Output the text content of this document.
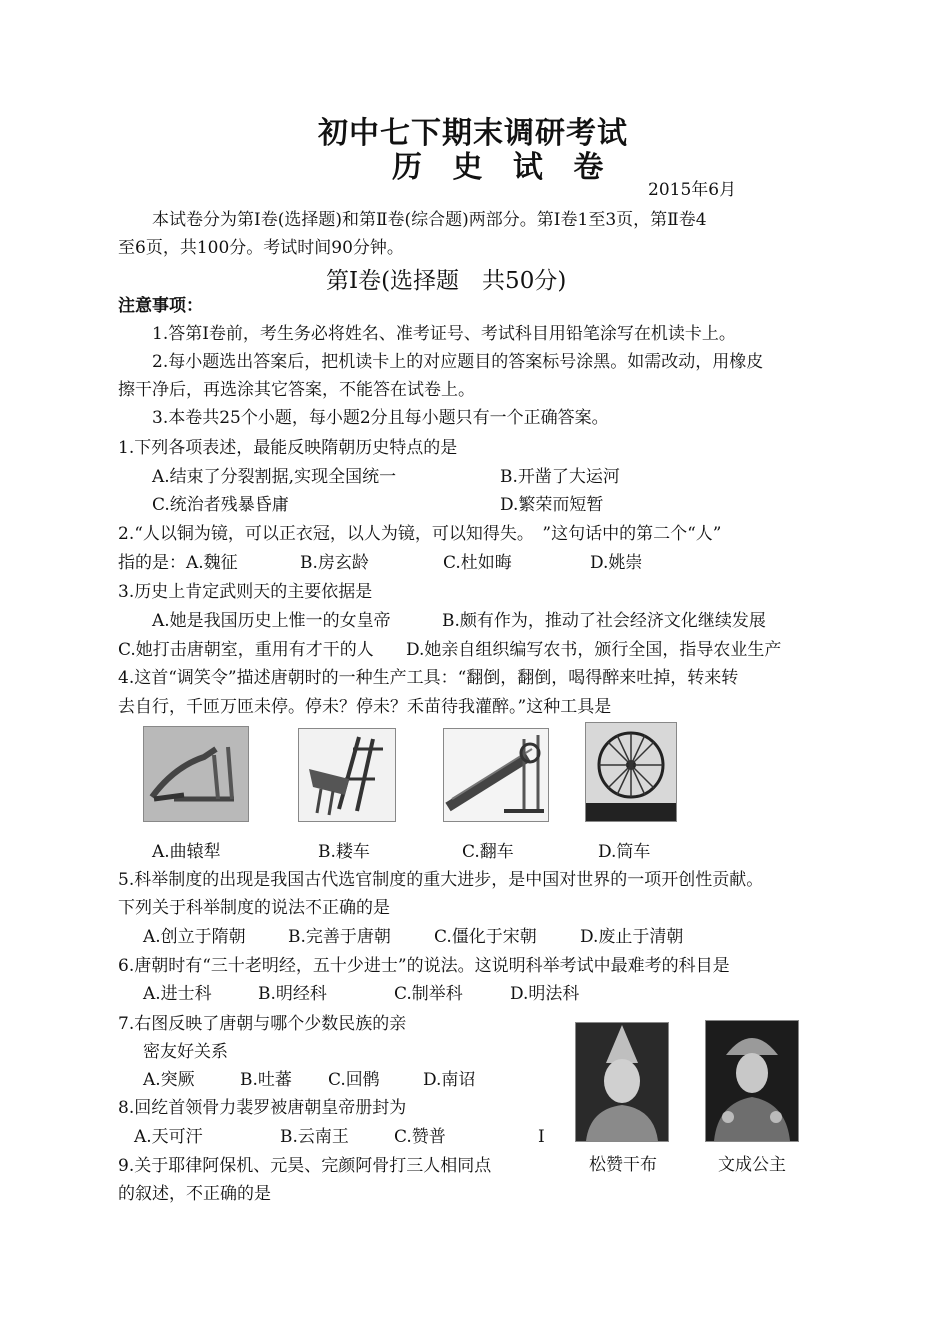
初中七下期末调研考试
历 史 试 卷
2015年6月
本试卷分为第Ⅰ卷(选择题)和第Ⅱ卷(综合题)两部分。第Ⅰ卷1至3页，第Ⅱ卷4
至6页，共100分。考试时间90分钟。
第Ⅰ卷(选择题　共50分)
注意事项：
1.答第Ⅰ卷前，考生务必将姓名、准考证号、考试科目用铅笔涂写在机读卡上。
2.每小题选出答案后，把机读卡上的对应题目的答案标号涂黑。如需改动，用橡皮
擦干净后，再选涂其它答案，不能答在试卷上。
3.本卷共25个小题，每小题2分且每小题只有一个正确答案。
1.下列各项表述，最能反映隋朝历史特点的是
A.结束了分裂割据,实现全国统一	B.开凿了大运河
C.统治者残暴昏庸	D.繁荣而短暂
2.“人以铜为镜，可以正衣冠，以人为镜，可以知得失。　”这句话中的第二个“人”
指的是：A.魏征	B.房玄龄	C.杜如晦	D.姚崇
3.历史上肯定武则天的主要依据是
A.她是我国历史上惟一的女皇帝	B.颇有作为，推动了社会经济文化继续发展
C.她打击唐朝室，重用有才干的人 D.她亲自组织编写农书，颁行全国，指导农业生产
4.这首“调笑令”描述唐朝时的一种生产工具：“翻倒，翻倒，喝得醉来吐掉，转来转
去自行，千匝万匝未停。停未？停未？禾苗待我灌醉。”这种工具是
A.曲辕犁	B.耧车	C.翻车	D.筒车
5.科举制度的出现是我国古代选官制度的重大进步，是中国对世界的一项开创性贡献。
下列关于科举制度的说法不正确的是
A.创立于隋朝 B.完善于唐朝	C.僵化于宋朝	D.废止于清朝
6.唐朝时有“三十老明经，五十少进士”的说法。这说明科举考试中最难考的科目是
A.进士科	B.明经科	C.制举科	D.明法科
7.右图反映了唐朝与哪个少数民族的亲
密友好关系
A.突厥	B.吐蕃 C.回鹘	D.南诏
松赞干布	文成公主
8.回纥首领骨力裴罗被唐朝皇帝册封为
A.天可汗	B.云南王	C.赞普	I
9.关于耶律阿保机、元昊、完颜阿骨打三人相同点
的叙述，不正确的是
